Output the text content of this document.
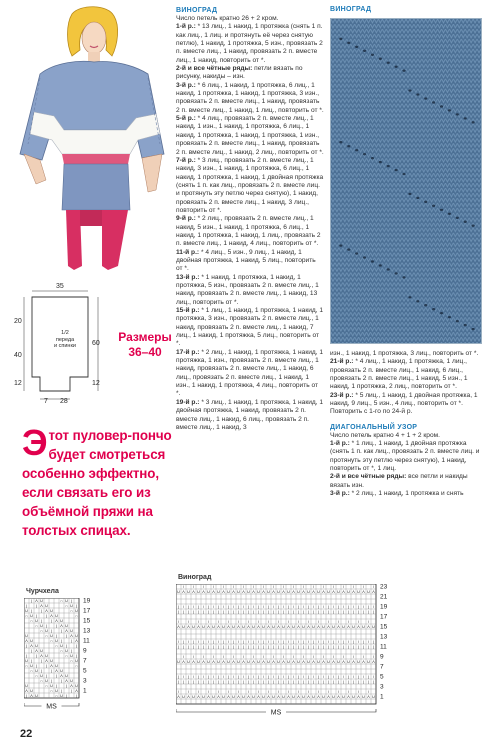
35
20
40
12
60
12
7 28
1/2
переда
и спинки
Размеры
36–40
Этот пуловер-пончо будет смотреться особенно эффектно, если связать его из объёмной пряжи на толстых спицах.
ВИНОГРАД

Число петель кратно 26 + 2 кром.

1-й р.: * 13 лиц., 1 накид, 1 протяжка (снять 1 п. как лиц., 1 лиц. и протянуть её через снятую петлю), 1 накид, 1 протяжка, 5 изн., провязать 2 п. вместе лиц., 1 накид, провязать 2 п. вместе лиц., 1 накид, повторить от *.

2-й и все чётные ряды: петли вязать по рисунку, накиды – изн.

3-й р.: * 6 лиц., 1 накид, 1 протяжка, 6 лиц., 1 накид, 1 протяжка, 1 накид, 1 протяжка, 3 изн., провязать 2 п. вместе лиц., 1 накид, провязать 2 п. вместе лиц., 1 накид, 1 лиц., повторить от *.

5-й р.: * 4 лиц., провязать 2 п. вместе лиц., 1 накид, 1 изн., 1 накид, 1 протяжка, 6 лиц., 1 накид, 1 протяжка, 1 накид, 1 протяжка, 1 изн., провязать 2 п. вместе лиц., 1 накид, провязать 2 п. вместе лиц., 1 накид, 2 лиц., повторить от *.

7-й р.: * 3 лиц., провязать 2 п. вместе лиц., 1 накид, 3 изн., 1 накид, 1 протяжка, 6 лиц., 1 накид, 1 протяжка, 1 накид, 1 двойная протяжка (снять 1 п. как лиц., провязать 2 п. вместе лиц. и протянуть эту петлю через снятую), 1 накид, провязать 2 п. вместе лиц., 1 накид, 3 лиц., повторить от *.

9-й р.: * 2 лиц., провязать 2 п. вместе лиц., 1 накид, 5 изн., 1 накид, 1 протяжка, 6 лиц., 1 накид, 1 протяжка, 1 накид, 1 лиц., провязать 2 п. вместе лиц., 1 накид, 4 лиц., повторить от *.

11-й р.: * 4 лиц., 5 изн., 9 лиц., 1 накид, 1 двойная протяжка, 1 накид, 5 лиц., повторить от *.

13-й р.: * 1 накид, 1 протяжка, 1 накид, 1 протяжка, 5 изн., провязать 2 п. вместе лиц., 1 накид, провязать 2 п. вместе лиц., 1 накид, 13 лиц., повторить от *.

15-й р.: * 1 лиц., 1 накид, 1 протяжка, 1 накид, 1 протяжка, 3 изн., провязать 2 п. вместе лиц., 1 накид, провязать 2 п. вместе лиц., 1 накид, 7 лиц., 1 накид, 1 протяжка, 5 лиц., повторить от *.

17-й р.: * 2 лиц., 1 накид, 1 протяжка, 1 накид, 1 протяжка, 1 изн., провязать 2 п. вместе лиц., 1 накид, провязать 2 п. вместе лиц., 1 накид, 6 лиц., провязать 2 п. вместе лиц., 1 накид, 1 изн., 1 накид, 1 протяжка, 4 лиц., повторить от *.

19-й р.: * 3 лиц., 1 накид, 1 протяжка, 1 накид, 1 двойная протяжка, 1 накид, провязать 2 п. вместе лиц., 1 накид, 6 лиц., провязать 2 п. вместе лиц., 1 накид, 3

ВИНОГРАД

изн., 1 накид, 1 протяжка, 3 лиц., повторить от *.

21-й р.: * 4 лиц., 1 накид, 1 протяжка, 1 лиц., провязать 2 п. вместе лиц., 1 накид, 6 лиц., провязать 2 п. вместе лиц., 1 накид, 5 изн., 1 накид, 1 протяжка, 2 лиц., повторить от *.

23-й р.: * 5 лиц., 1 накид, 1 двойная протяжка, 1 накид, 9 лиц., 5 изн., 4 лиц., повторить от *.

Повторить с 1-го по 24-й р.

ДИАГОНАЛЬНЫЙ УЗОР

Число петель кратно 4 + 1 + 2 кром.

1-й р.: * 1 лиц., 1 накид, 1 двойная протяжка (снять 1 п. как лиц., провязать 2 п. вместе лиц. и протянуть эту петлю через снятую), 1 накид, повторить от *, 1 лиц.

2-й и все чётные ряды: все петли и накиды вязать изн.

3-й р.: * 2 лиц., 1 накид, 1 протяжка и снять

Чурчхела
| Λ U	∩ U |
| | Λ U	∩ U |
U | | Λ U	∩ U
∩ U | | Λ U	∩
∩ U | | Λ U
∩ U | | Λ U
∩ U | | Λ U
U	∩ U | | Λ U
Λ U	∩ U | | Λ
| Λ U	∩ U | |
| Λ U	∩ U |
| | Λ U	∩ U |
U | | Λ U	∩ U
∩ U | | Λ U	∩
∩ U | | Λ U
∩ U | | Λ U
∩ U | | Λ U
U	∩ U | | Λ U
Λ U	∩ U | | Λ
| Λ U	∩ U | |
19
17
15
13
11
9
7
5
3
1
MS
Виноград
/ / / / / / / / / / / / / / / / / / / /
U Λ U Λ U Λ U Λ U Λ U Λ U Λ U Λ U Λ U Λ U Λ U Λ U Λ U Λ U Λ U Λ U Λ U Λ U Λ U Λ
| \ | \ | \ | \ | \ | \ | \ | \ | \ | \ | \ | \ | \ | \ | \ | \ | \ | \ | \ | \
| | | | | | | | | | | | | | | | | | | | | | | | | | | | | | | | | | | | | | | |
/ / / / / / / / / / / / / / / / / / / /
Λ U Λ U Λ U Λ U Λ U Λ U Λ U Λ U Λ U Λ U Λ U Λ U Λ U Λ U Λ U Λ U Λ U Λ U Λ U Λ U
\ | \ | \ | \ | \ | \ | \ | \ | \ | \ | \ | \ | \ | \ | \ | \ | \ | \ | \ | \ |
| | | | | | | | | | | | | | | | | | | | | | | | | | | | | | | | | | | | | | | |
/ / / / / / / / / / / / / / / / / / / /
U Λ U Λ U Λ U Λ U Λ U Λ U Λ U Λ U Λ U Λ U Λ U Λ U Λ U Λ U Λ U Λ U Λ U Λ U Λ U Λ
| \ | \ | \ | \ | \ | \ | \ | \ | \ | \ | \ | \ | \ | \ | \ | \ | \ | \ | \ | \
| | | | | | | | | | | | | | | | | | | | | | | | | | | | | | | | | | | | | | | |
/ / / / / / / / / / / / / / / / / / / /
Λ U Λ U Λ U Λ U Λ U Λ U Λ U Λ U Λ U Λ U Λ U Λ U Λ U Λ U Λ U Λ U Λ U Λ U Λ U Λ U
23
21
19
17
15
13
11
9
7
5
3
1
MS
22
